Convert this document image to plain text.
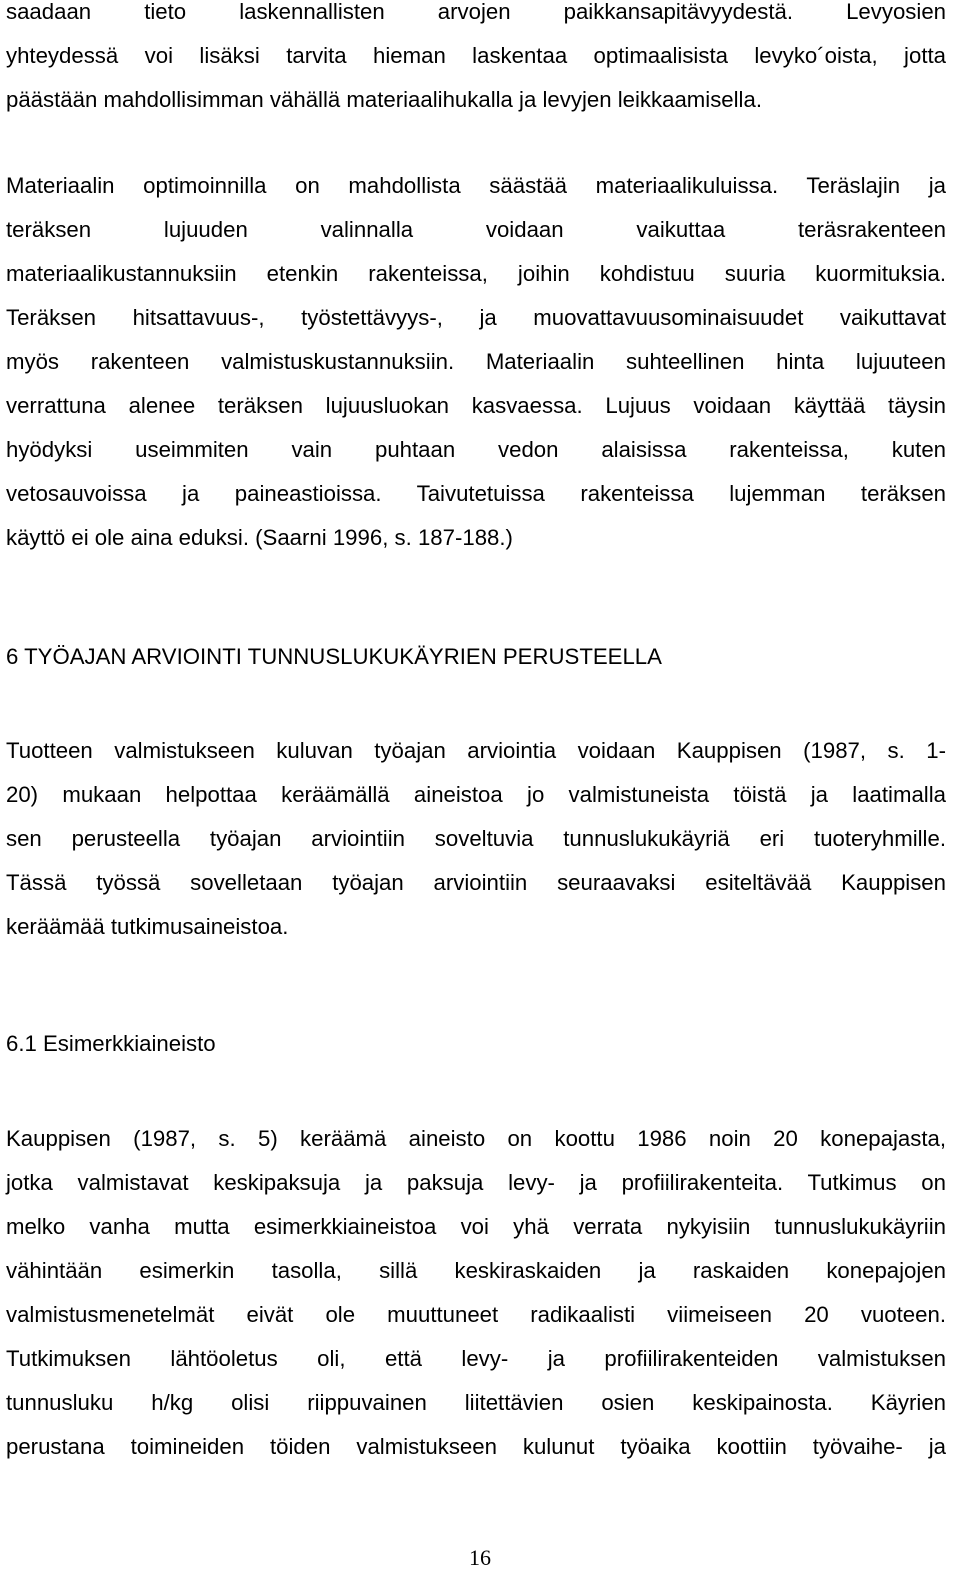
saadaan tieto laskennallisten arvojen paikkansapitävyydestä. Levyosien
yhteydessä voi lisäksi tarvita hieman laskentaa optimaalisista levyko´oista, jotta
päästään mahdollisimman vähällä materiaalihukalla ja levyjen leikkaamisella.
Materiaalin optimoinnilla on mahdollista säästää materiaalikuluissa. Teräslajin ja
teräksen lujuuden valinnalla voidaan vaikuttaa teräsrakenteen
materiaalikustannuksiin etenkin rakenteissa, joihin kohdistuu suuria kuormituksia.
Teräksen hitsattavuus-, työstettävyys-, ja muovattavuusominaisuudet vaikuttavat
myös rakenteen valmistuskustannuksiin. Materiaalin suhteellinen hinta lujuuteen
verrattuna alenee teräksen lujuusluokan kasvaessa. Lujuus voidaan käyttää täysin
hyödyksi useimmiten vain puhtaan vedon alaisissa rakenteissa, kuten
vetosauvoissa ja paineastioissa. Taivutetuissa rakenteissa lujemman teräksen
käyttö ei ole aina eduksi. (Saarni 1996, s. 187-188.)
6 TYÖAJAN ARVIOINTI TUNNUSLUKUKÄYRIEN PERUSTEELLA
Tuotteen valmistukseen kuluvan työajan arviointia voidaan Kauppisen (1987, s. 1-
20) mukaan helpottaa keräämällä aineistoa jo valmistuneista töistä ja laatimalla
sen perusteella työajan arviointiin soveltuvia tunnuslukukäyriä eri tuoteryhmille.
Tässä työssä sovelletaan työajan arviointiin seuraavaksi esiteltävää Kauppisen
keräämää tutkimusaineistoa.
6.1 Esimerkkiaineisto
Kauppisen (1987, s. 5) keräämä aineisto on koottu 1986 noin 20 konepajasta,
jotka valmistavat keskipaksuja ja paksuja levy- ja profiilirakenteita. Tutkimus on
melko vanha mutta esimerkkiaineistoa voi yhä verrata nykyisiin tunnuslukukäyriin
vähintään esimerkin tasolla, sillä keskiraskaiden ja raskaiden konepajojen
valmistusmenetelmät eivät ole muuttuneet radikaalisti viimeiseen 20 vuoteen.
Tutkimuksen lähtöoletus oli, että levy- ja profiilirakenteiden valmistuksen
tunnusluku h/kg olisi riippuvainen liitettävien osien keskipainosta. Käyrien
perustana toimineiden töiden valmistukseen kulunut työaika koottiin työvaihe- ja
16
